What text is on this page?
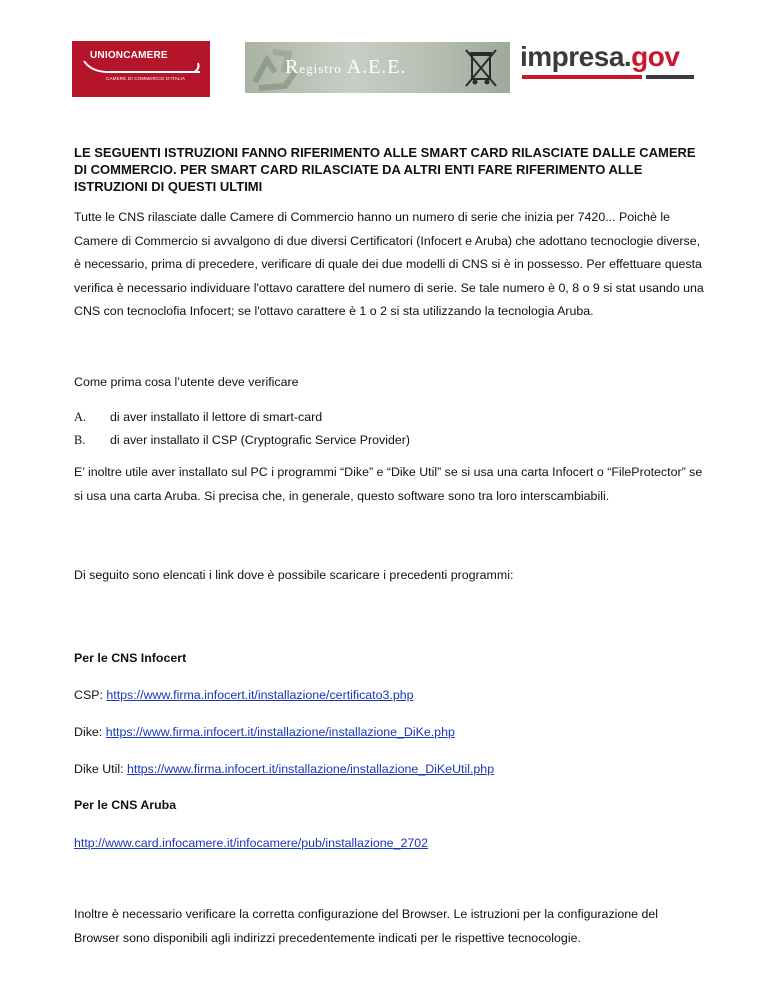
UNIONCAMERE
CAMERE DI COMMERCIO D'ITALIA
Registro A.E.E.	impresa.gov
LE SEGUENTI ISTRUZIONI FANNO RIFERIMENTO ALLE SMART CARD RILASCIATE DALLE CAMERE DI COMMERCIO. PER SMART CARD RILASCIATE DA ALTRI ENTI FARE RIFERIMENTO ALLE ISTRUZIONI DI QUESTI ULTIMI
Tutte le CNS rilasciate dalle Camere di Commercio hanno un numero di serie che inizia per 7420... Poichè le Camere di Commercio si avvalgono di due diversi Certificatori (Infocert e Aruba) che adottano tecnoclogie diverse, è necessario, prima di precedere, verificare di quale dei due modelli di CNS si è in possesso. Per effettuare questa verifica è necessario individuare l'ottavo carattere del numero di serie. Se tale numero è 0, 8 o 9 si stat usando una CNS con tecnoclofia Infocert; se l'ottavo carattere è 1 o 2 si sta utilizzando la tecnologia Aruba.
Come prima cosa l’utente deve verificare
A. di aver installato il lettore di smart-card
B. di aver installato il CSP (Cryptografic Service Provider)
E’ inoltre utile aver installato sul PC i programmi “Dike” e “Dike Util” se si usa una carta Infocert o “FileProtector” se si usa una carta Aruba. Si precisa che, in generale, questo software sono tra loro interscambiabili.
Di seguito sono elencati i link dove è possibile scaricare i precedenti programmi:
Per le CNS Infocert
CSP: https://www.firma.infocert.it/installazione/certificato3.php
Dike: https://www.firma.infocert.it/installazione/installazione_DiKe.php
Dike Util: https://www.firma.infocert.it/installazione/installazione_DiKeUtil.php
Per le CNS Aruba
http://www.card.infocamere.it/infocamere/pub/installazione_2702
Inoltre è necessario verificare la corretta configurazione del Browser. Le istruzioni per la configurazione del Browser sono disponibili agli indirizzi precedentemente indicati per le rispettive tecnocologie.
